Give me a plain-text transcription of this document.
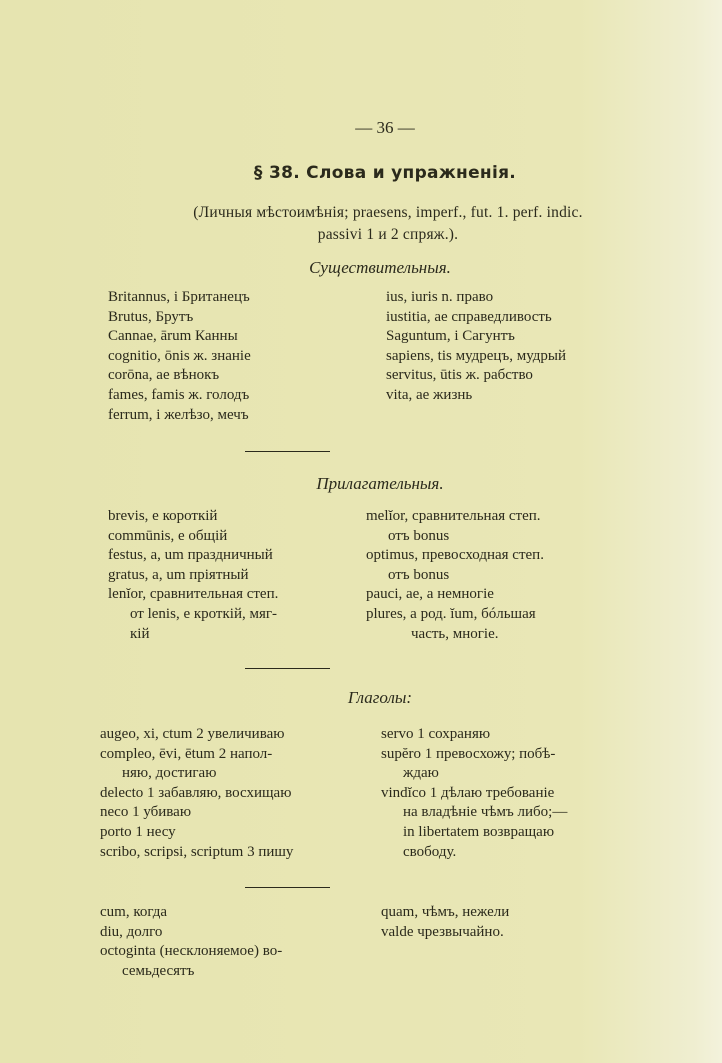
— 36 —
§ 38. Слова и упражненія.
(Личныя мѣстоимѣнія; praesens, imperf., fut. 1. perf. indic.
passivi 1 и 2 спряж.).
Существительныя.
Britannus, i Британецъ
Brutus, Брутъ
Cannae, ārum Канны
cognitio, ōnis ж. знаніе
corōna, ae вѣнокъ
fames, famis ж. голодъ
ferrum, i желѣзо, мечъ
ius, iuris n. право
iustitia, ae справедливость
Saguntum, i Сагунтъ
sapiens, tis мудрецъ, мудрый
servitus, ūtis ж. рабство
vita, ae жизнь
Прилагательныя.
brevis, e короткій
commūnis, e общій
festus, a, um праздничный
gratus, a, um пріятный
lenĭor, сравнительная степ.
от lenis, e кроткій, мяг-
кій
melĭor, сравнительная степ.
отъ bonus
optimus, превосходная степ.
отъ bonus
pauci, ae, a немногіе
plures, a род. ĭum, бóльшая
часть, многіе.
Глаголы:
augeo, xi, ctum 2 увеличиваю
compleo, ēvi, ētum 2 напол-
няю, достигаю
delecto 1 забавляю, восхищаю
neco 1 убиваю
porto 1 несу
scribo, scripsi, scriptum 3 пишу
servo 1 сохраняю
supĕro 1 превосхожу; побѣ-
ждаю
vindĭco 1 дѣлаю требованіе
на владѣніе чѣмъ либо;—
in libertatem возвращаю
свободу.
cum, когда
diu, долго
octoginta (несклоняемое) во-
семьдесятъ
quam, чѣмъ, нежели
valde чрезвычайно.
